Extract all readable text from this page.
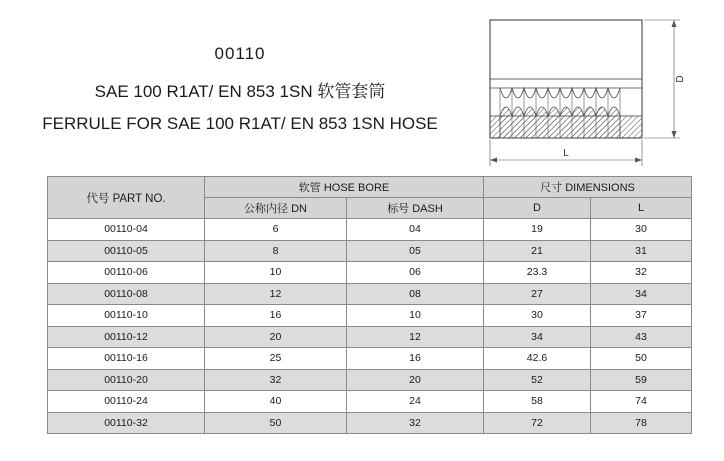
00110
SAE 100 R1AT/ EN 853 1SN 软管套筒
FERRULE FOR SAE 100 R1AT/ EN 853 1SN HOSE
D
L
代号 PART NO.	软管 HOSE BORE		尺寸 DIMENSIONS	
	公称内径 DN	标号 DASH	D	L
00110-04	6	04	19	30
00110-05	8	05	21	31
00110-06	10	06	23.3	32
00110-08	12	08	27	34
00110-10	16	10	30	37
00110-12	20	12	34	43
00110-16	25	16	42.6	50
00110-20	32	20	52	59
00110-24	40	24	58	74
00110-32	50	32	72	78
